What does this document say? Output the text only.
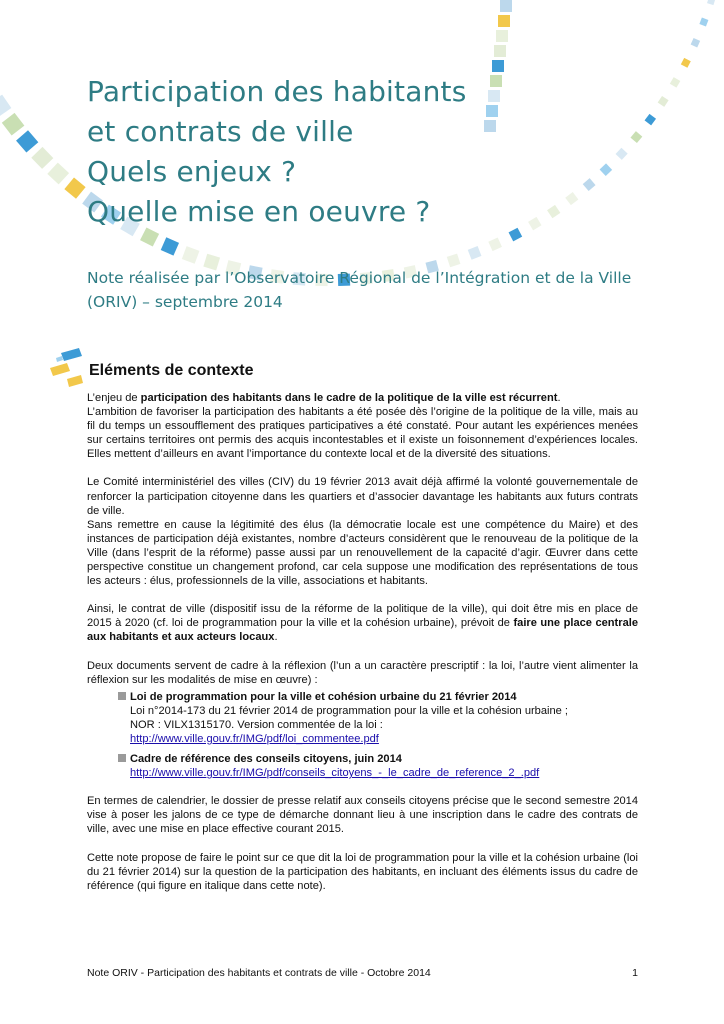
Participation des habitants
et contrats de ville
Quels enjeux ?
Quelle mise en oeuvre ?
Note réalisée par l’Observatoire Régional de l’Intégration et de la Ville (ORIV) – septembre 2014
Eléments de contexte

L’enjeu de participation des habitants dans le cadre de la politique de la ville est récurrent.

L’ambition de favoriser la participation des habitants a été posée dès l’origine de la politique de la ville, mais au fil du temps un essoufflement des pratiques participatives a été constaté. Pour autant les expériences menées sur certains territoires ont permis des acquis incontestables et il existe un foisonnement d’expériences locales. Elles mettent d’ailleurs en avant l’importance du contexte local et de la diversité des situations.

Le Comité interministériel des villes (CIV) du 19 février 2013 avait déjà affirmé la volonté gouvernementale de renforcer la participation citoyenne dans les quartiers et d’associer davantage les habitants aux futurs contrats de ville.

Sans remettre en cause la légitimité des élus (la démocratie locale est une compétence du Maire) et des instances de participation déjà existantes, nombre d’acteurs considèrent que le renouveau de la politique de la Ville (dans l’esprit de la réforme) passe aussi par un renouvellement de la capacité d’agir. Œuvrer dans cette perspective constitue un changement profond, car cela suppose une modification des représentations de tous les acteurs : élus, professionnels de la ville, associations et habitants.

Ainsi, le contrat de ville (dispositif issu de la réforme de la politique de la ville), qui doit être mis en place de 2015 à 2020 (cf. loi de programmation pour la ville et la cohésion urbaine), prévoit de faire une place centrale aux habitants et aux acteurs locaux.

Deux documents servent de cadre à la réflexion (l’un a un caractère prescriptif : la loi, l’autre vient alimenter la réflexion sur les modalités de mise en œuvre) :

Loi de programmation pour la ville et cohésion urbaine du 21 février 2014
Loi n°2014-173 du 21 février 2014 de programmation pour la ville et la cohésion urbaine ;
NOR : VILX1315170. Version commentée de la loi :
http://www.ville.gouv.fr/IMG/pdf/loi_commentee.pdf
Cadre de référence des conseils citoyens, juin 2014
http://www.ville.gouv.fr/IMG/pdf/conseils_citoyens_-_le_cadre_de_reference_2_.pdf

En termes de calendrier, le dossier de presse relatif aux conseils citoyens précise que le second semestre 2014 vise à poser les jalons de ce type de démarche donnant lieu à une inscription dans le cadre des contrats de ville, avec une mise en place effective courant 2015.

Cette note propose de faire le point sur ce que dit la loi de programmation pour la ville et la cohésion urbaine (loi du 21 février 2014) sur la question de la participation des habitants, en incluant des éléments issus du cadre de référence (qui figure en italique dans cette note).

Note ORIV - Participation des habitants et contrats de ville - Octobre 2014	1
